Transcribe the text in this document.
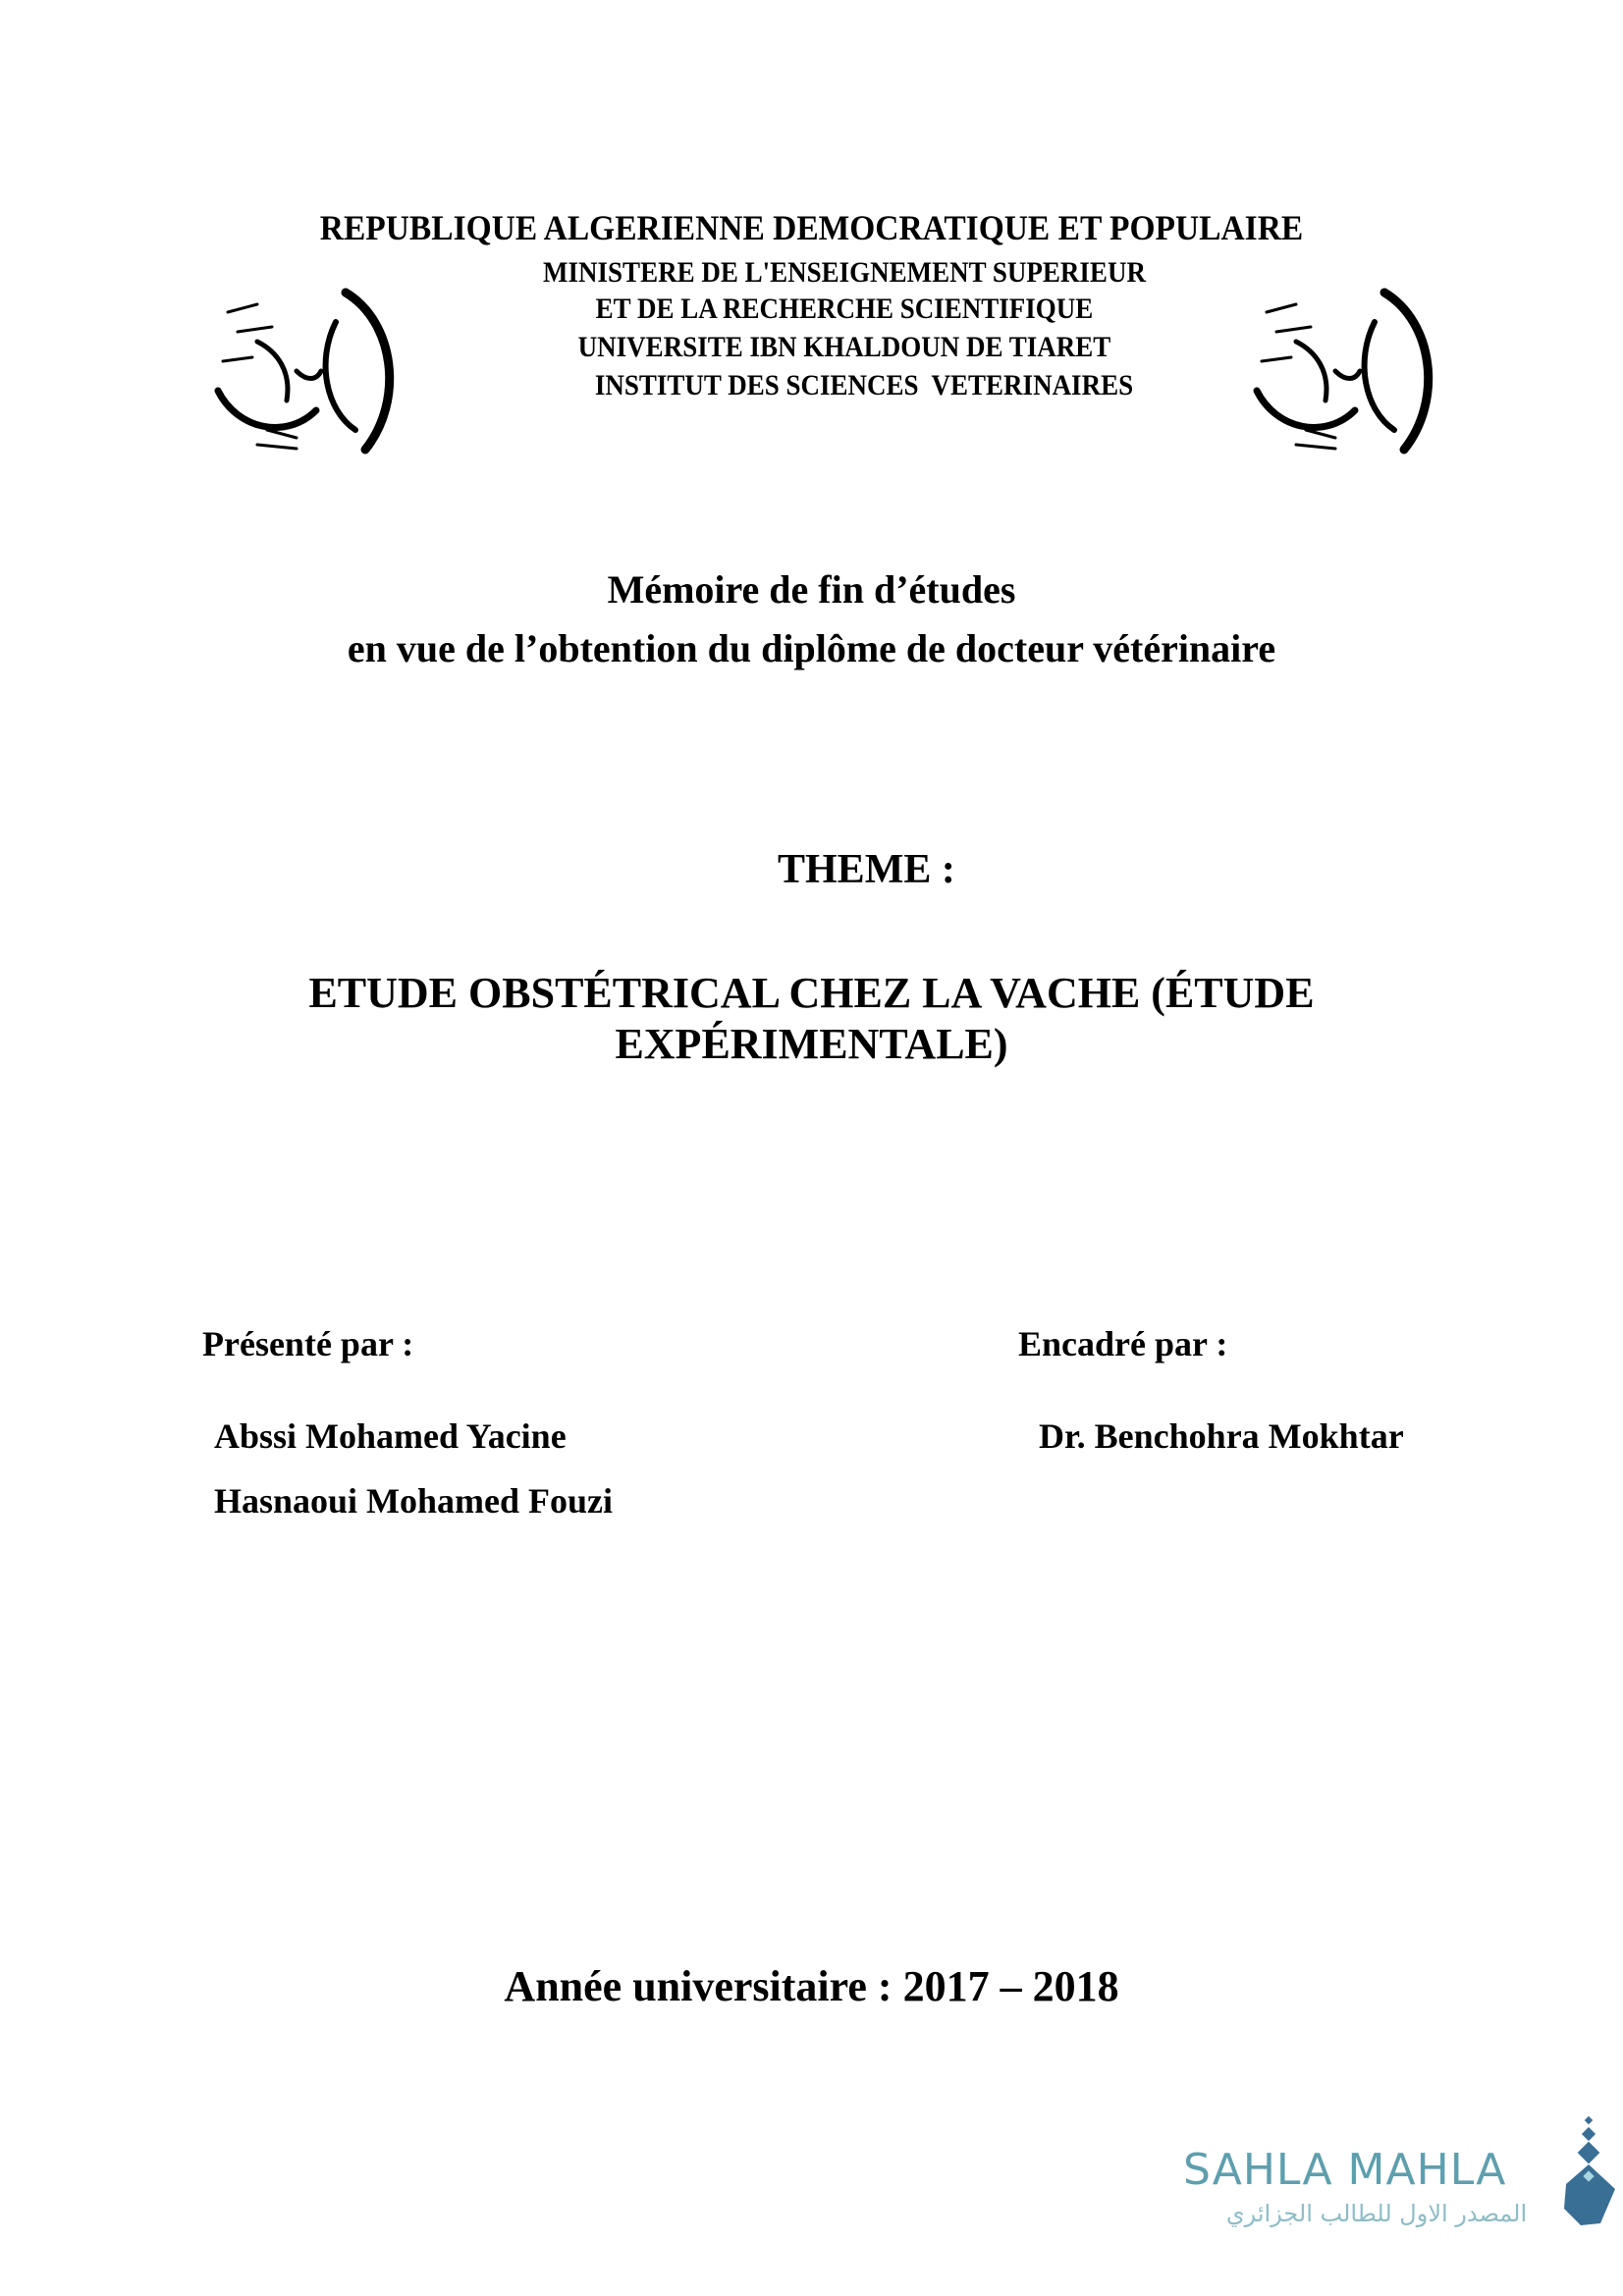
REPUBLIQUE ALGERIENNE DEMOCRATIQUE ET POPULAIRE
MINISTERE DE L'ENSEIGNEMENT SUPERIEUR
ET DE LA RECHERCHE SCIENTIFIQUE
UNIVERSITE IBN KHALDOUN DE TIARET
INSTITUT DES SCIENCES  VETERINAIRES
Mémoire de fin d’études
en vue de l’obtention du diplôme de docteur vétérinaire
THEME :
ETUDE OBSTÉTRICAL CHEZ LA VACHE (ÉTUDE
EXPÉRIMENTALE)
Présenté par :
Abssi Mohamed Yacine
Hasnaoui Mohamed Fouzi
Encadré par :
Dr. Benchohra Mokhtar
Année universitaire : 2017 – 2018
SAHLA MAHLA
المصدر الاول للطالب الجزائري
